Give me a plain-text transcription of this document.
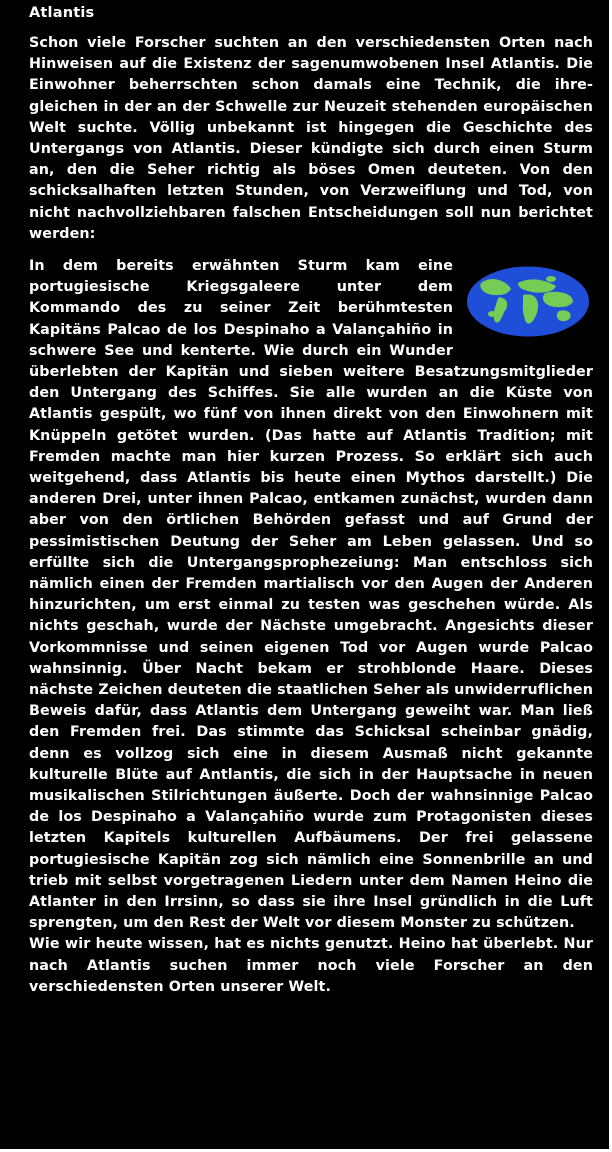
Atlantis

Schon viele Forscher suchten an den verschiedensten Orten nach Hinweisen auf die Existenz der sagenumwobenen Insel Atlantis. Die Einwohner beherrschten schon damals eine Technik, die ihre-gleichen in der an der Schwelle zur Neuzeit stehenden europäischen Welt suchte. Völlig unbekannt ist hingegen die Geschichte des Untergangs von Atlantis. Dieser kündigte sich durch einen Sturm an, den die Seher richtig als böses Omen deuteten. Von den schicksalhaften letzten Stunden, von Verzweiflung und Tod, von nicht nachvollziehbaren falschen Entscheidungen soll nun berichtet werden:

In dem bereits erwähnten Sturm kam eine portugiesische Kriegsgaleere unter dem Kommando des zu seiner Zeit berühmtesten Kapitäns Palcao de los Despinaho a Valançahiño in schwere See und kenterte. Wie durch ein Wunder überlebten der Kapitän und sieben weitere Besatzungsmitglieder den Untergang des Schiffes. Sie alle wurden an die Küste von Atlantis gespült, wo fünf von ihnen direkt von den Einwohnern mit Knüppeln getötet wurden. (Das hatte auf Atlantis Tradition; mit Fremden machte man hier kurzen Prozess. So erklärt sich auch weitgehend, dass Atlantis bis heute einen Mythos darstellt.) Die anderen Drei, unter ihnen Palcao, entkamen zunächst, wurden dann aber von den örtlichen Behörden gefasst und auf Grund der pessimistischen Deutung der Seher am Leben gelassen. Und so erfüllte sich die Untergangsprophezeiung: Man entschloss sich nämlich einen der Fremden martialisch vor den Augen der Anderen hinzurichten, um erst einmal zu testen was geschehen würde. Als nichts geschah, wurde der Nächste umgebracht. Angesichts dieser Vorkommnisse und seinen eigenen Tod vor Augen wurde Palcao wahnsinnig. Über Nacht bekam er strohblonde Haare. Dieses nächste Zeichen deuteten die staatlichen Seher als unwiderruflichen Beweis dafür, dass Atlantis dem Untergang geweiht war. Man ließ den Fremden frei. Das stimmte das Schicksal scheinbar gnädig, denn es vollzog sich eine in diesem Ausmaß nicht gekannte kulturelle Blüte auf Antlantis, die sich in der Hauptsache in neuen musikalischen Stilrichtungen äußerte. Doch der wahnsinnige Palcao de los Despinaho a Valançahiño wurde zum Protagonisten dieses letzten Kapitels kulturellen Aufbäumens. Der frei gelassene portugiesische Kapitän zog sich nämlich eine Sonnenbrille an und trieb mit selbst vorgetragenen Liedern unter dem Namen Heino die Atlanter in den Irrsinn, so dass sie ihre Insel gründlich in die Luft sprengten, um den Rest der Welt vor diesem Monster zu schützen.

Wie wir heute wissen, hat es nichts genutzt. Heino hat überlebt. Nur nach Atlantis suchen immer noch viele Forscher an den verschiedensten Orten unserer Welt.
